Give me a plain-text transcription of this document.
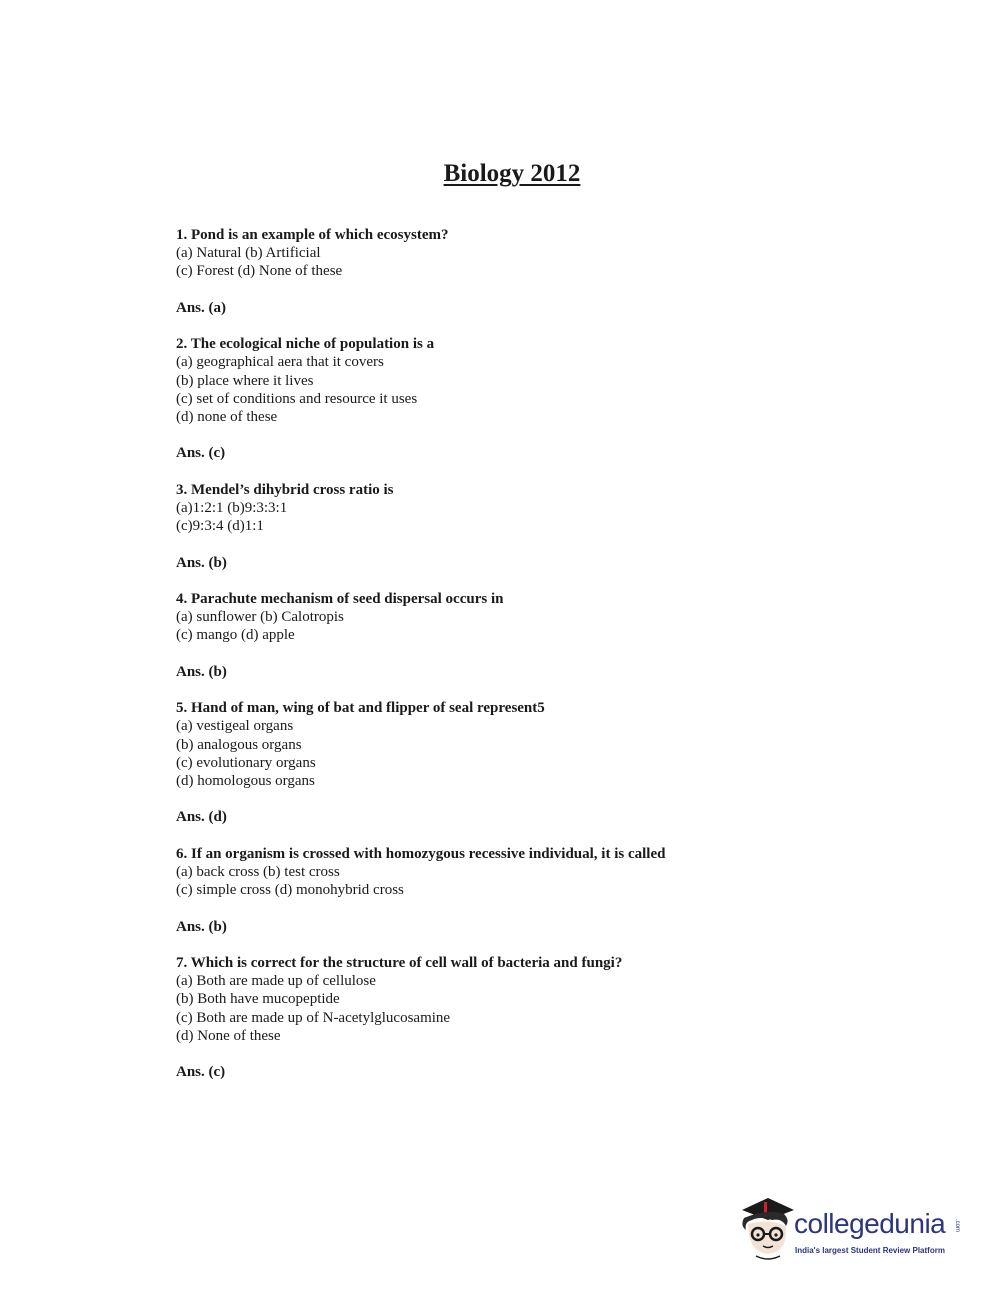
Biology 2012
1. Pond is an example of which ecosystem?
(a) Natural (b) Artificial
(c) Forest (d) None of these
Ans. (a)
2. The ecological niche of population is a
(a) geographical aera that it covers
(b) place where it lives
(c) set of conditions and resource it uses
(d) none of these
Ans. (c)
3. Mendel’s dihybrid cross ratio is
(a)1:2:1 (b)9:3:3:1
(c)9:3:4 (d)1:1
Ans. (b)
4. Parachute mechanism of seed dispersal occurs in
(a) sunflower (b) Calotropis
(c) mango (d) apple
Ans. (b)
5. Hand of man, wing of bat and flipper of seal represent5
(a) vestigeal organs
(b) analogous organs
(c) evolutionary organs
(d) homologous organs
Ans. (d)
6. If an organism is crossed with homozygous recessive individual, it is called
(a) back cross (b) test cross
(c) simple cross (d) monohybrid cross
Ans. (b)
7. Which is correct for the structure of cell wall of bacteria and fungi?
(a) Both are made up of cellulose
(b) Both have mucopeptide
(c) Both are made up of N-acetylglucosamine
(d) None of these
Ans. (c)
collegedunia .com
India's largest Student Review Platform
